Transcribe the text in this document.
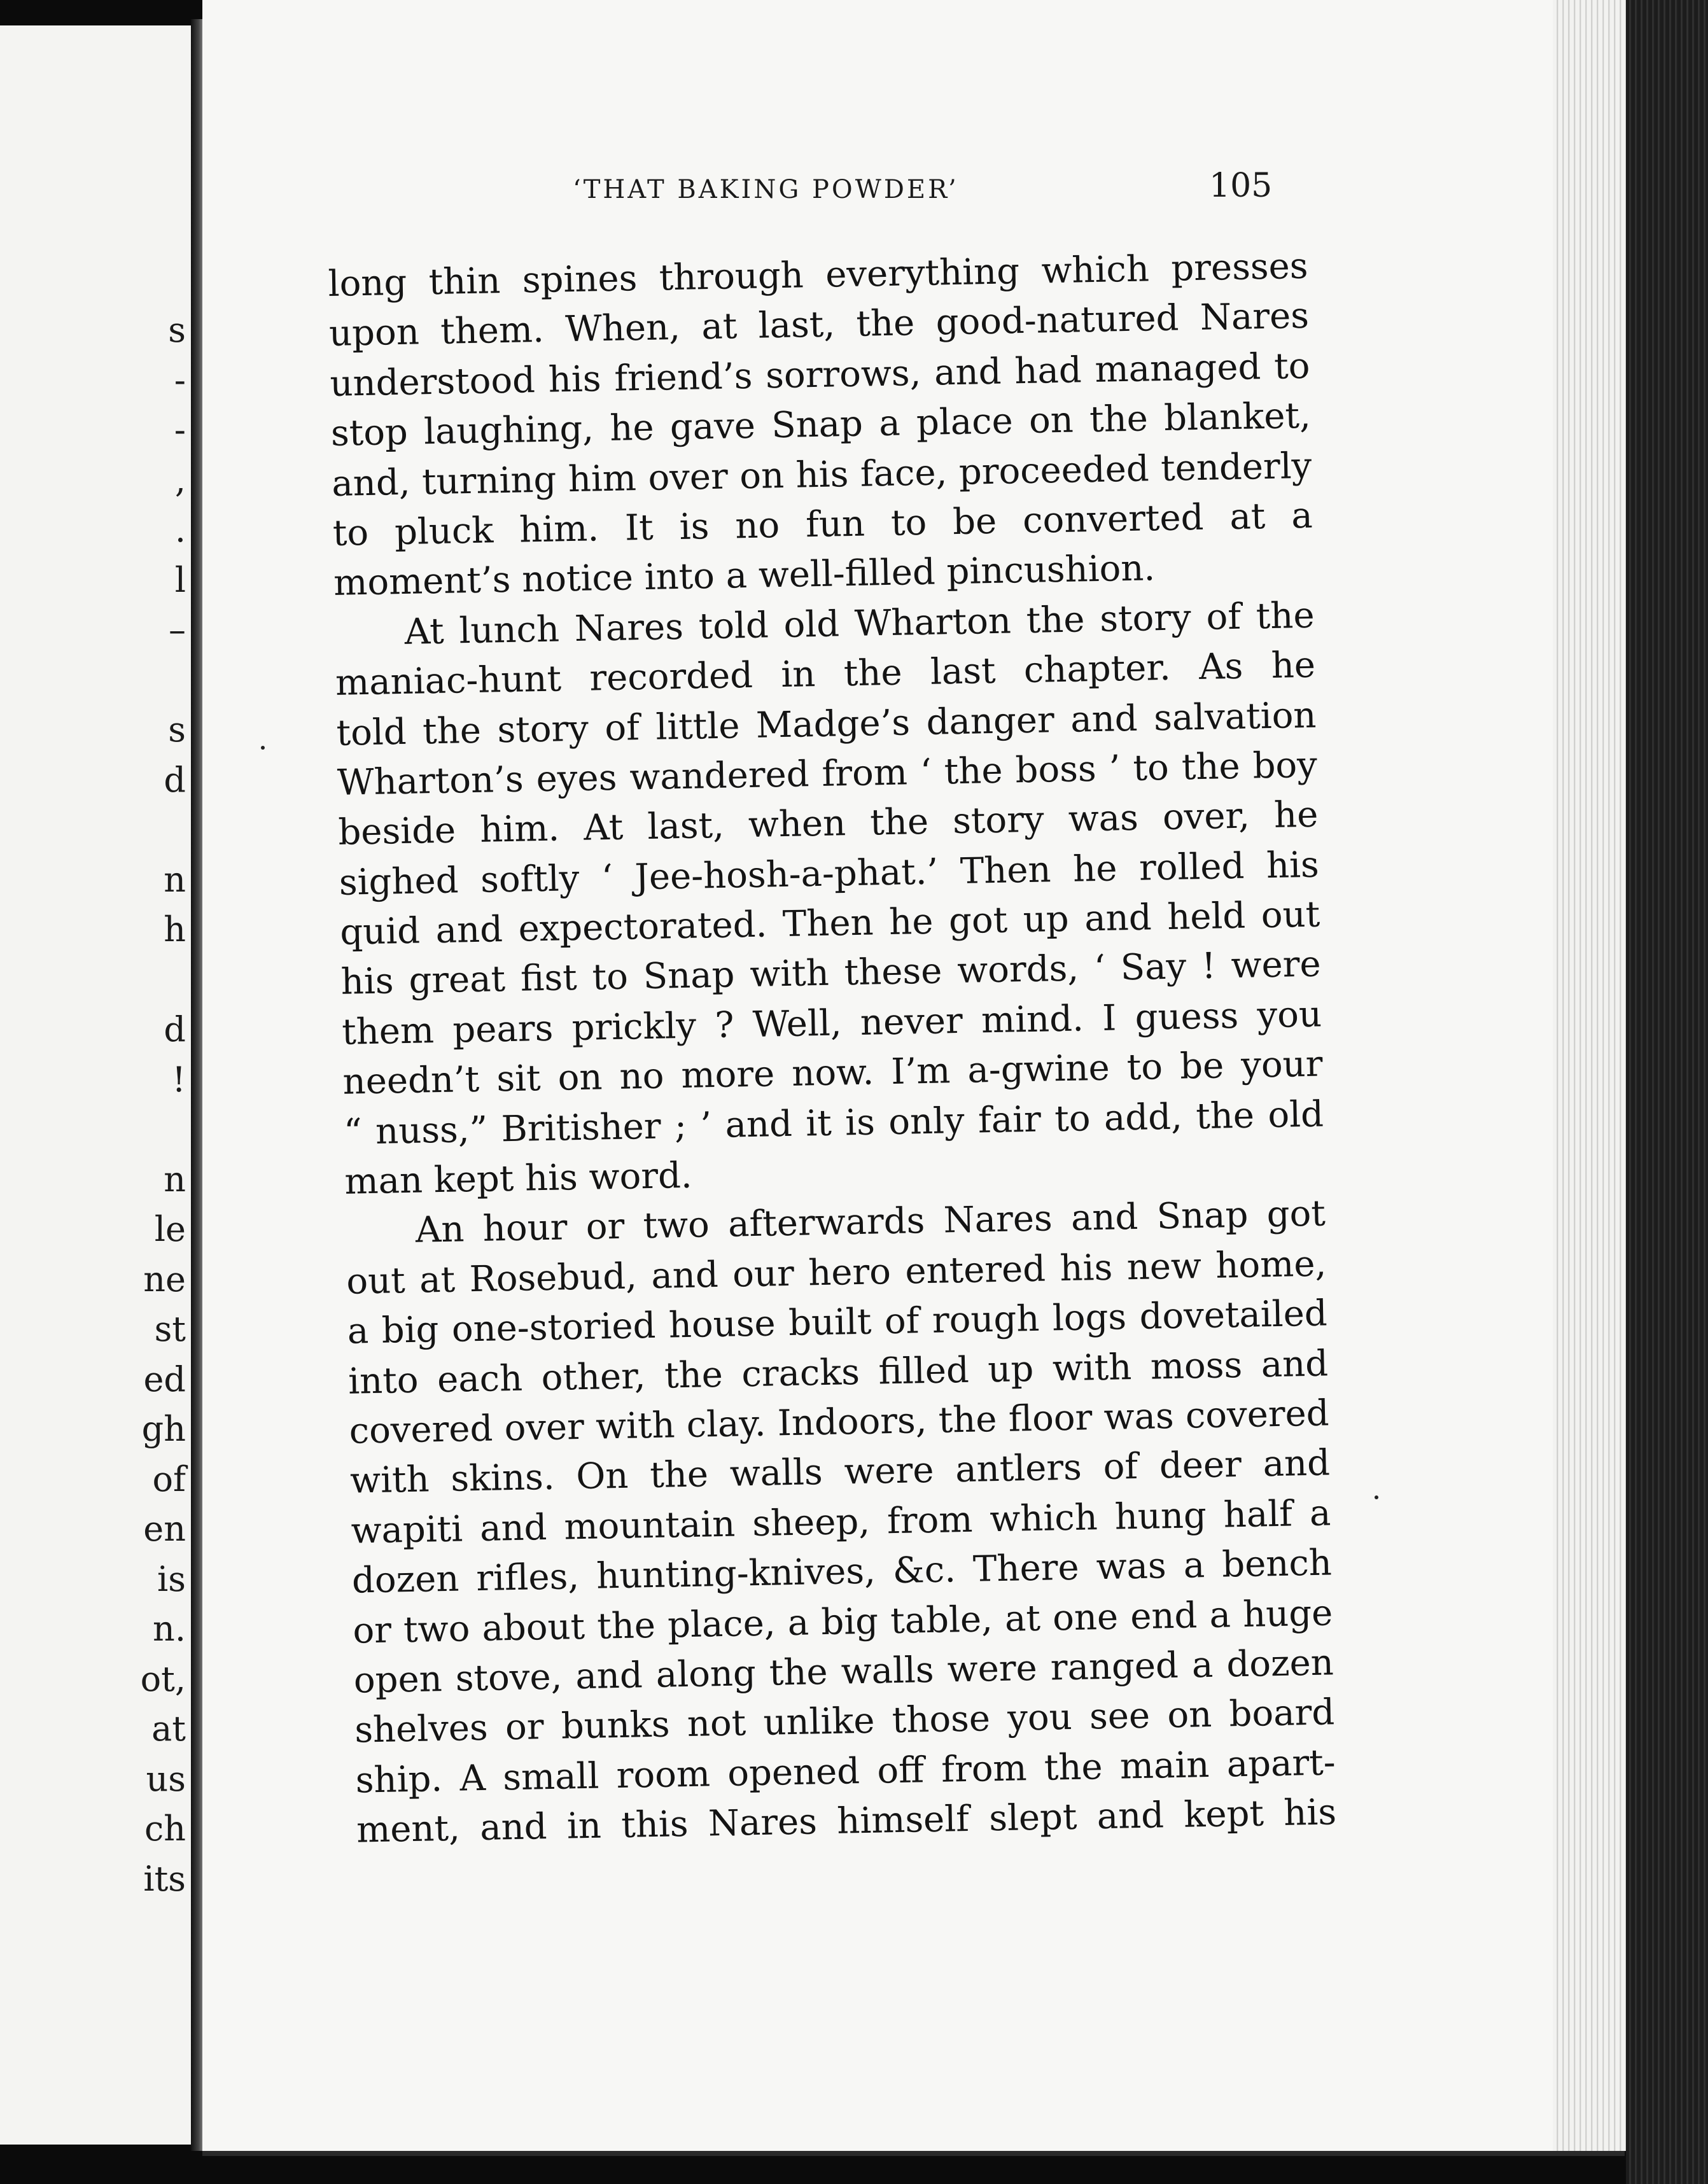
s
-
-
,
.
l
–
s
d
n
h
d
!
n
le
ne
st
ed
gh
of
en
is
n.
ot,
at
us
ch
its
‘THAT BAKING POWDER’	105
long thin spines through everything which presses
upon them. When, at last, the good-natured Nares
understood his friend’s sorrows, and had managed to
stop laughing, he gave Snap a place on the blanket,
and, turning him over on his face, proceeded tenderly
to pluck him. It is no fun to be converted at a
moment’s notice into a well-filled pincushion.
At lunch Nares told old Wharton the story of the
maniac-hunt recorded in the last chapter. As he
told the story of little Madge’s danger and salvation
Wharton’s eyes wandered from ‘ the boss ’ to the boy
beside him. At last, when the story was over, he
sighed softly ‘ Jee-hosh-a-phat.’ Then he rolled his
quid and expectorated. Then he got up and held out
his great fist to Snap with these words, ‘ Say ! were
them pears prickly ? Well, never mind. I guess you
needn’t sit on no more now. I’m a-gwine to be your
“ nuss,” Britisher ; ’ and it is only fair to add, the old
man kept his word.
An hour or two afterwards Nares and Snap got
out at Rosebud, and our hero entered his new home,
a big one-storied house built of rough logs dovetailed
into each other, the cracks filled up with moss and
covered over with clay. Indoors, the floor was covered
with skins. On the walls were antlers of deer and
wapiti and mountain sheep, from which hung half a
dozen rifles, hunting-knives, &c. There was a bench
or two about the place, a big table, at one end a huge
open stove, and along the walls were ranged a dozen
shelves or bunks not unlike those you see on board
ship. A small room opened off from the main apart-
ment, and in this Nares himself slept and kept his
